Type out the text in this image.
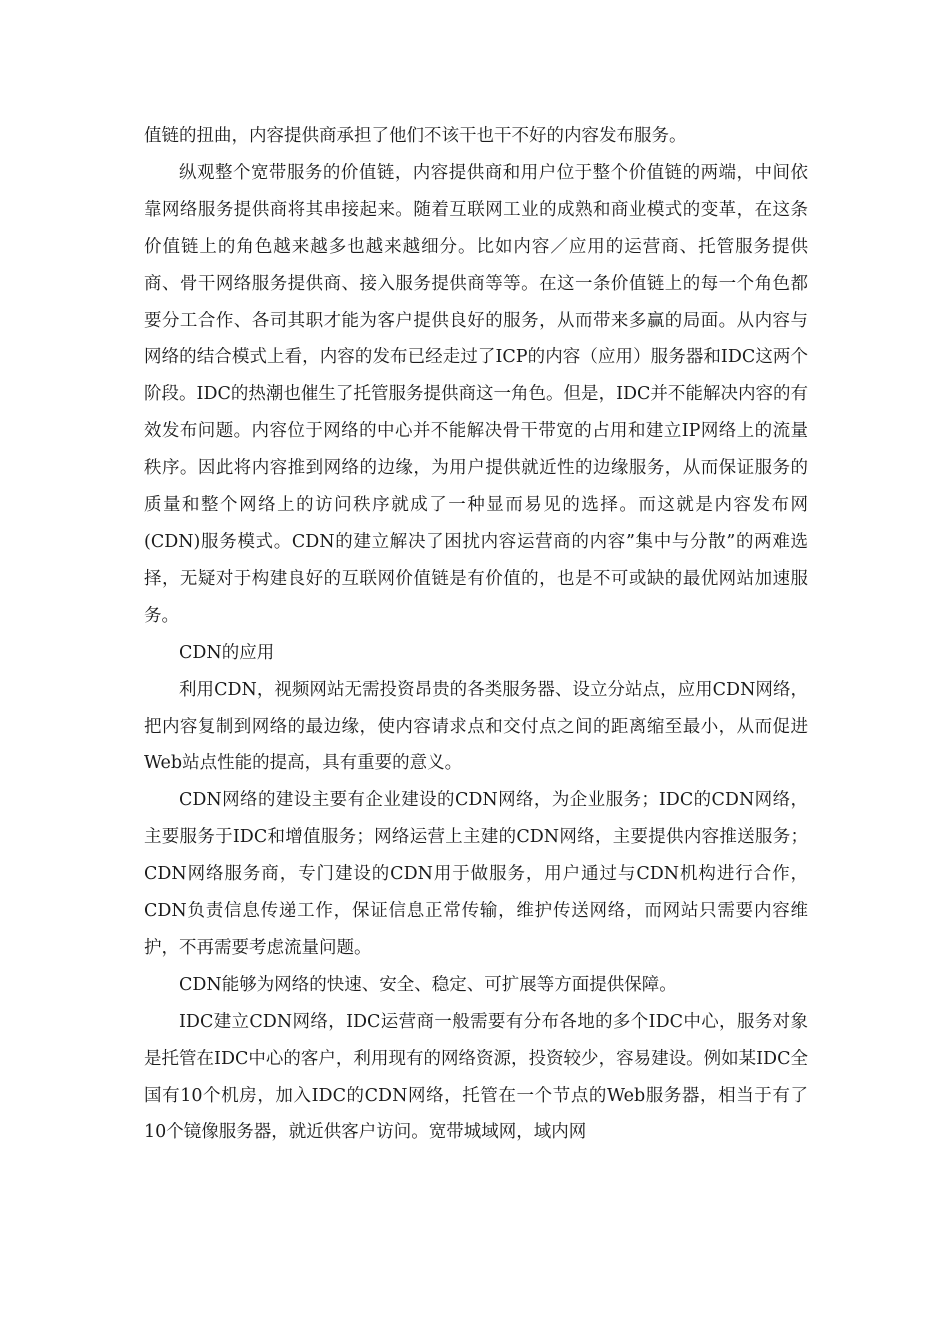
值链的扭曲，内容提供商承担了他们不该干也干不好的内容发布服务。

纵观整个宽带服务的价值链，内容提供商和用户位于整个价值链的两端，中间依靠网络服务提供商将其串接起来。随着互联网工业的成熟和商业模式的变革，在这条价值链上的角色越来越多也越来越细分。比如内容／应用的运营商、托管服务提供商、骨干网络服务提供商、接入服务提供商等等。在这一条价值链上的每一个角色都要分工合作、各司其职才能为客户提供良好的服务，从而带来多赢的局面。从内容与网络的结合模式上看，内容的发布已经走过了ICP的内容（应用）服务器和IDC这两个阶段。IDC的热潮也催生了托管服务提供商这一角色。但是，IDC并不能解决内容的有效发布问题。内容位于网络的中心并不能解决骨干带宽的占用和建立IP网络上的流量秩序。因此将内容推到网络的边缘，为用户提供就近性的边缘服务，从而保证服务的质量和整个网络上的访问秩序就成了一种显而易见的选择。而这就是内容发布网(CDN)服务模式。CDN的建立解决了困扰内容运营商的内容”集中与分散”的两难选择，无疑对于构建良好的互联网价值链是有价值的，也是不可或缺的最优网站加速服务。

CDN的应用

利用CDN，视频网站无需投资昂贵的各类服务器、设立分站点，应用CDN网络，把内容复制到网络的最边缘，使内容请求点和交付点之间的距离缩至最小，从而促进Web站点性能的提高，具有重要的意义。

CDN网络的建设主要有企业建设的CDN网络，为企业服务；IDC的CDN网络，主要服务于IDC和增值服务；网络运营上主建的CDN网络，主要提供内容推送服务；CDN网络服务商，专门建设的CDN用于做服务，用户通过与CDN机构进行合作，CDN负责信息传递工作，保证信息正常传输，维护传送网络，而网站只需要内容维护，不再需要考虑流量问题。

CDN能够为网络的快速、安全、稳定、可扩展等方面提供保障。

IDC建立CDN网络，IDC运营商一般需要有分布各地的多个IDC中心，服务对象是托管在IDC中心的客户，利用现有的网络资源，投资较少，容易建设。例如某IDC全国有10个机房，加入IDC的CDN网络，托管在一个节点的Web服务器，相当于有了10个镜像服务器，就近供客户访问。宽带城域网，域内网
